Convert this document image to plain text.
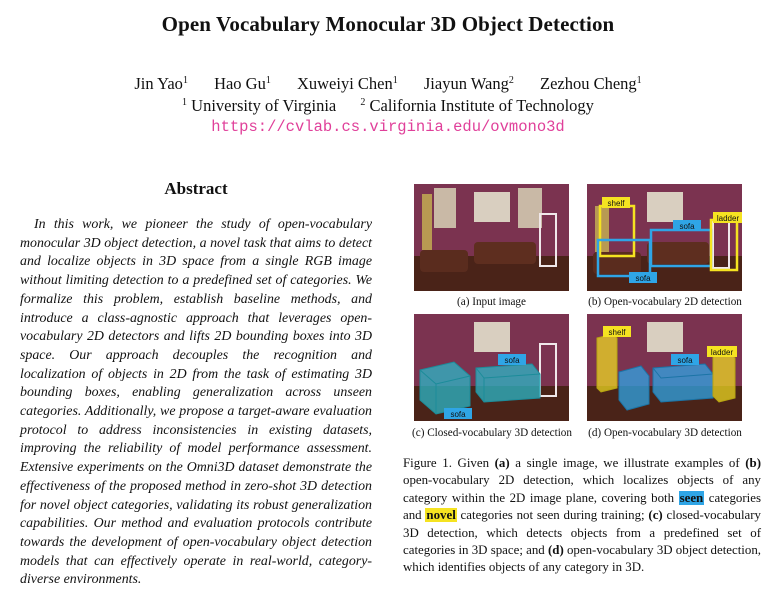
Open Vocabulary Monocular 3D Object Detection
Jin Yao$^1$ Hao Gu$^1$ Xuweiyi Chen$^1$ Jiayun Wang$^2$ Zezhou Cheng$^1$
$^1$ University of Virginia $^2$ California Institute of Technology
https://cvlab.cs.virginia.edu/ovmono3d
Abstract
In this work, we pioneer the study of open-vocabulary monocular 3D object detection, a novel task that aims to detect and localize objects in 3D space from a single RGB image without limiting detection to a predefined set of categories. We formalize this problem, establish baseline methods, and introduce a class-agnostic approach that leverages open-vocabulary 2D detectors and lifts 2D bounding boxes into 3D space. Our approach decouples the recognition and localization of objects in 2D from the task of estimating 3D bounding boxes, enabling generalization across unseen categories. Additionally, we propose a target-aware evaluation protocol to address inconsistencies in existing datasets, improving the reliability of model performance assessment. Extensive experiments on the Omni3D dataset demonstrate the effectiveness of the proposed method in zero-shot 3D detection for novel object categories, validating its robust generalization capabilities. Our method and evaluation protocols contribute towards the development of open-vocabulary object detection models that can effectively operate in real-world, category-diverse environments.
(a) Input image
shelf
sofa
ladder
sofa
(b) Open-vocabulary 2D detection
sofa
sofa
(c) Closed-vocabulary 3D detection
shelf
sofa
ladder
(d) Open-vocabulary 3D detection
Figure 1. Given (a) a single image, we illustrate examples of (b) open-vocabulary 2D detection, which localizes objects of any category within the 2D image plane, covering both seen categories and novel categories not seen during training; (c) closed-vocabulary 3D detection, which detects objects from a predefined set of categories in 3D space; and (d) open-vocabulary 3D object detection, which identifies objects of any category in 3D.
